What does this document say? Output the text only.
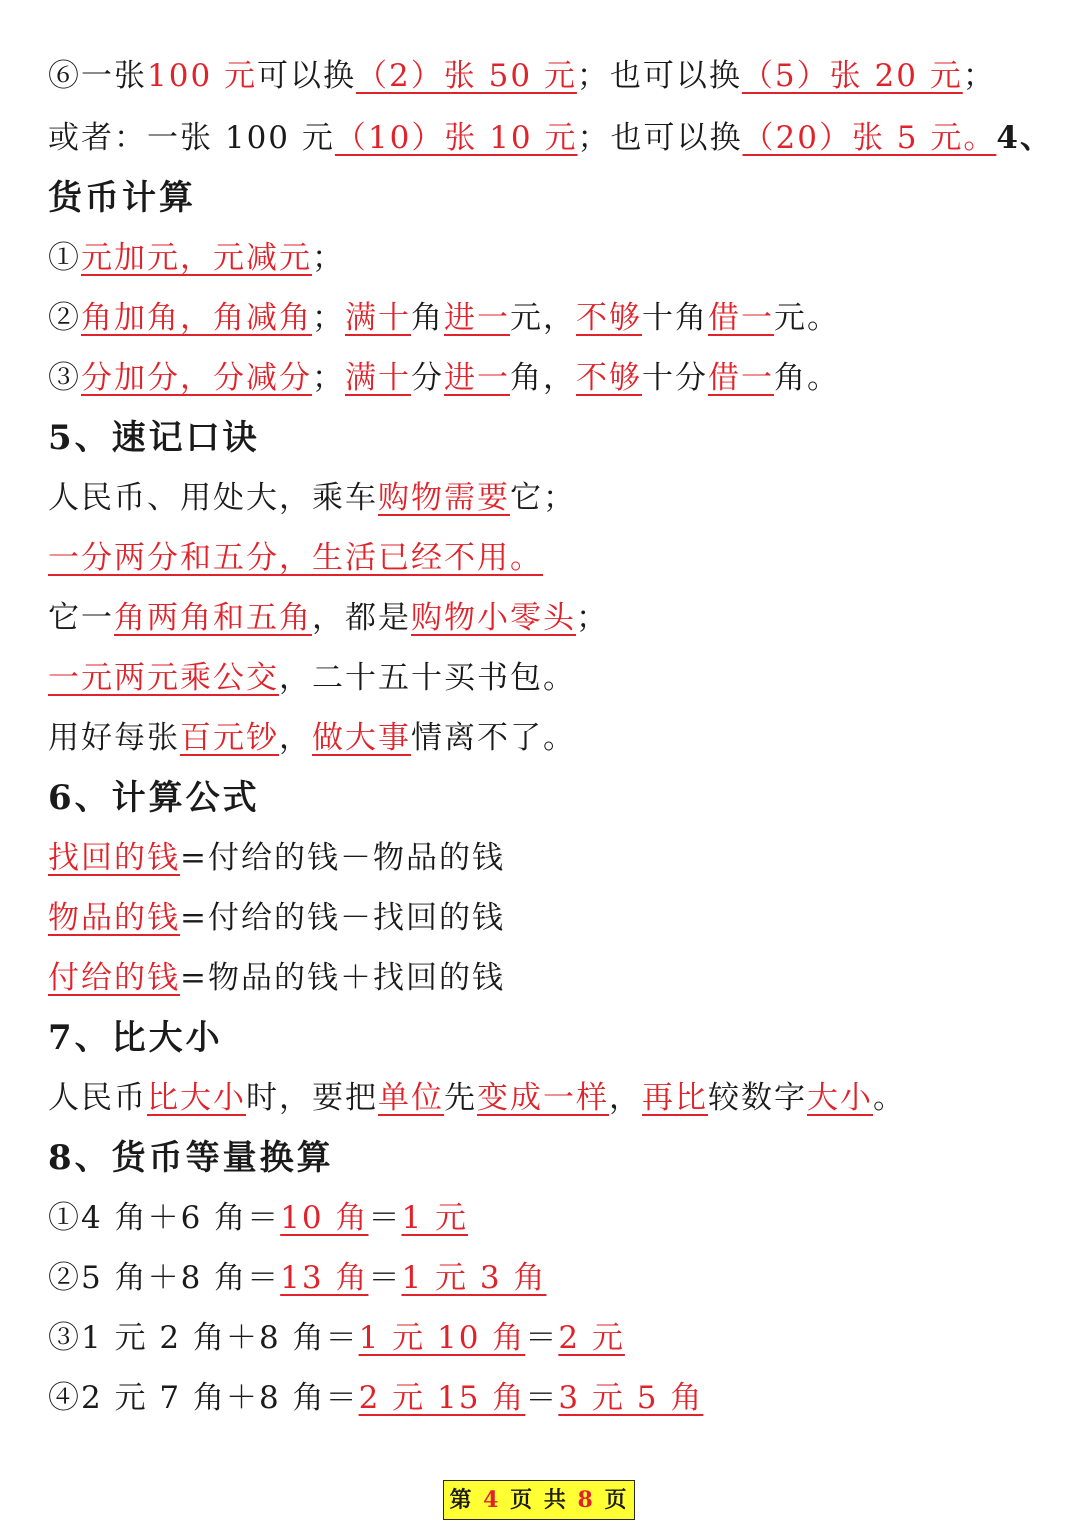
⑥一张100 元可以换（2）张 50 元；也可以换（5）张 20 元；
或者：一张 100 元（10）张 10 元；也可以换（20）张 5 元。4、
货币计算
①元加元，元减元；
②角加角，角减角；满十角进一元，不够十角借一元。
③分加分，分减分；满十分进一角，不够十分借一角。
5、速记口诀
人民币、用处大，乘车购物需要它；
一分两分和五分，生活已经不用。
它一角两角和五角，都是购物小零头；
一元两元乘公交，二十五十买书包。
用好每张百元钞，做大事情离不了。
6、计算公式
找回的钱=付给的钱－物品的钱
物品的钱=付给的钱－找回的钱
付给的钱=物品的钱＋找回的钱
7、比大小
人民币比大小时，要把单位先变成一样，再比较数字大小。
8、货币等量换算
①4 角＋6 角＝10 角＝1 元
②5 角＋8 角＝13 角＝1 元 3 角
③1 元 2 角＋8 角＝1 元 10 角＝2 元
④2 元 7 角＋8 角＝2 元 15 角＝3 元 5 角
第 4 页 共 8 页
